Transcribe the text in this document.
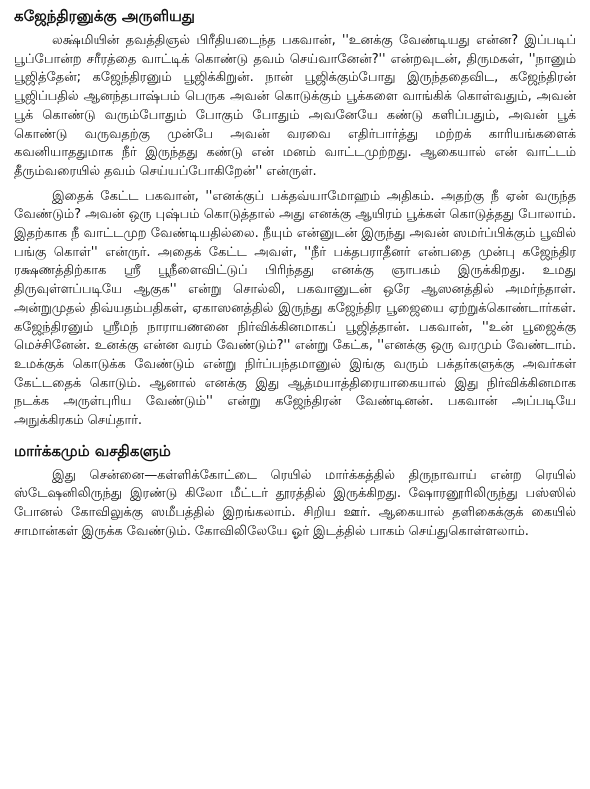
கஜேந்திரனுக்கு அருளியது

லக்ஷ்மியின் தவத்திஞல் பிரீதியடைந்த பகவான், ''உனக்கு வேண்டியது என்ன? இப்படிப் பூப்போன்ற சரீரத்தை வாட்டிக் கொண்டு தவம் செய்வானேன்?'' என்றவுடன், திருமகள், ''நானும் பூஜித்தேன்; கஜேந்திரனும் பூஜிக்கிறுன். நான் பூஜிக்கும்போது இருந்ததைவிட, கஜேந்திரன் பூஜிப்பதில் ஆனந்தபாஷ்பம் பெருக அவன் கொடுக்கும் பூக்களை வாங்கிக் கொள்வதும், அவன் பூக் கொண்டு வரும்போதும் போகும் போதும் அவனேயே கண்டு களிப்பதும், அவன் பூக் கொண்டு வருவதற்கு முன்பே அவன் வரவை எதிர்பார்த்து மற்றக் காரியங்களைக் கவனியாததுமாக நீர் இருந்தது கண்டு என் மனம் வாட்டமுற்றது. ஆகையால் என் வாட்டம் தீரும்வரையில் தவம் செய்யப்போகிறேன்'' என்ருள்.

இதைக் கேட்ட பகவான், ''எனக்குப் பக்தவ்யாமோஹம் அதிகம். அதற்கு நீ ஏன் வருந்த வேண்டும்? அவன் ஒரு புஷ்பம் கொடுத்தால் அது எனக்கு ஆயிரம் பூக்கள் கொடுத்தது போலாம். இதற்காக நீ வாட்டமுற வேண்டியதில்லை. நீயும் என்னுடன் இருந்து அவன் ஸமர்ப்பிக்கும் பூவில் பங்கு கொள்'' என்ருர். அதைக் கேட்ட அவள், ''நீர் பக்தபராதீனர் என்பதை முன்பு கஜேந்திர ரக்ஷணத்திற்காக ஸ்ரீ பூநீளைவிட்டுப் பிரிந்தது எனக்கு ஞாபகம் இருக்கிறது. உமது திருவுள்ளப்படியே ஆகுக'' என்று சொல்லி, பகவானுடன் ஒரே ஆஸனத்தில் அமர்ந்தாள். அன்றுமுதல் திவ்யதம்பதிகள், ஏகாஸனத்தில் இருந்து கஜேந்திர பூஜையை ஏற்றுக்கொண்டார்கள். கஜேந்திரனும் ஸ்ரீமந் நாராயணனை நிர்விக்கினமாகப் பூஜித்தான். பகவான், ''உன் பூஜைக்கு மெச்சினேன். உனக்கு என்ன வரம் வேண்டும்?'' என்று கேட்க, ''எனக்கு ஒரு வரமும் வேண்டாம். உமக்குக் கொடுக்க வேண்டும் என்று நிர்ப்பந்தமானுல் இங்கு வரும் பக்தர்களுக்கு அவர்கள் கேட்டதைக் கொடும். ஆனால் எனக்கு இது ஆத்மயாத்திரையாகையால் இது நிர்விக்கினமாக நடக்க அருள்புரிய வேண்டும்'' என்று கஜேந்திரன் வேண்டினன். பகவான் அப்படியே அநுக்கிரகம் செய்தார்.

மார்க்கமும் வசதிகளும்

இது சென்னை—கள்ளிக்கோட்டை ரெயில் மார்க்கத்தில் திருநாவாய் என்ற ரெயில் ஸ்டேஷனிலிருந்து இரண்டு கிலோ மீட்டர் தூரத்தில் இருக்கிறது. ஷோரனூரிலிருந்து பஸ்ஸில் போனல் கோவிலுக்கு ஸமீபத்தில் இறங்கலாம். சிறிய ஊர். ஆகையால் தளிகைக்குக் கையில் சாமான்கள் இருக்க வேண்டும். கோவிலிலேயே ஓர் இடத்தில் பாகம் செய்துகொள்ளலாம்.
